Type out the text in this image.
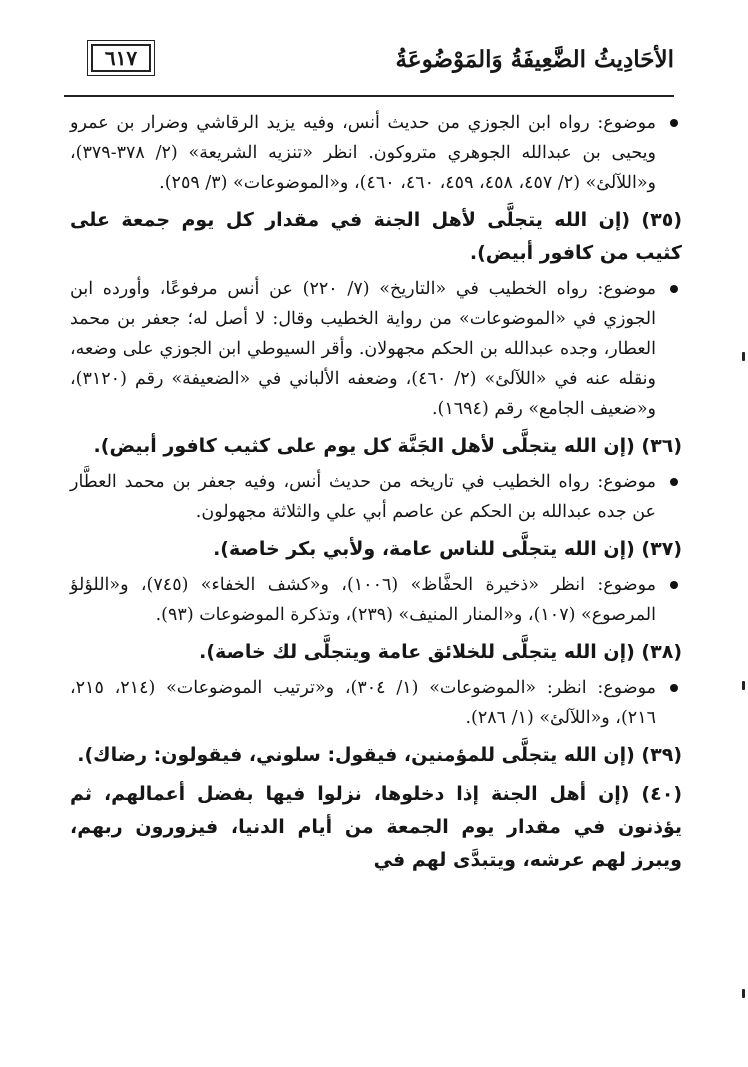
الأحَادِيثُ الضَّعِيفَةُ وَالمَوْضُوعَةُ
٦١٧
موضوع: رواه ابن الجوزي من حديث أنس، وفيه يزيد الرقاشي وضرار بن عمرو ويحيى بن عبدالله الجوهري متروكون. انظر «تنزيه الشريعة» (٢/ ٣٧٨-٣٧٩)، و«اللآلئ» (٢/ ٤٥٧، ٤٥٨، ٤٥٩، ٤٦٠، ٤٦٠)، و«الموضوعات» (٣/ ٢٥٩).
(٣٥) (إن الله يتجلَّى لأهل الجنة في مقدار كل يوم جمعة على كثيب من كافور أبيض).
موضوع: رواه الخطيب في «التاريخ» (٧/ ٢٢٠) عن أنس مرفوعًا، وأورده ابن الجوزي في «الموضوعات» من رواية الخطيب وقال: لا أصل له؛ جعفر بن محمد العطار، وجده عبدالله بن الحكم مجهولان. وأقر السيوطي ابن الجوزي على وضعه، ونقله عنه في «اللآلئ» (٢/ ٤٦٠)، وضعفه الألباني في «الضعيفة» رقم (٣١٢٠)، و«ضعيف الجامع» رقم (١٦٩٤).
(٣٦) (إن الله يتجلَّى لأهل الجَنَّة كل يوم على كثيب كافور أبيض).
موضوع: رواه الخطيب في تاريخه من حديث أنس، وفيه جعفر بن محمد العطَّار عن جده عبدالله بن الحكم عن عاصم أبي علي والثلاثة مجهولون.
(٣٧) (إن الله يتجلَّى للناس عامة، ولأبي بكر خاصة).
موضوع: انظر «ذخيرة الحفَّاظ» (١٠٠٦)، و«كشف الخفاء» (٧٤٥)، و«اللؤلؤ المرصوع» (١٠٧)، و«المنار المنيف» (٢٣٩)، وتذكرة الموضوعات (٩٣).
(٣٨) (إن الله يتجلَّى للخلائق عامة ويتجلَّى لك خاصة).
موضوع: انظر: «الموضوعات» (١/ ٣٠٤)، و«ترتيب الموضوعات» (٢١٤، ٢١٥، ٢١٦)، و«اللآلئ» (١/ ٢٨٦).
(٣٩) (إن الله يتجلَّى للمؤمنين، فيقول: سلوني، فيقولون: رضاك).
(٤٠) (إن أهل الجنة إذا دخلوها، نزلوا فيها بفضل أعمالهم، ثم يؤذنون في مقدار يوم الجمعة من أيام الدنيا، فيزورون ربهم، ويبرز لهم عرشه، ويتبدَّى لهم في
